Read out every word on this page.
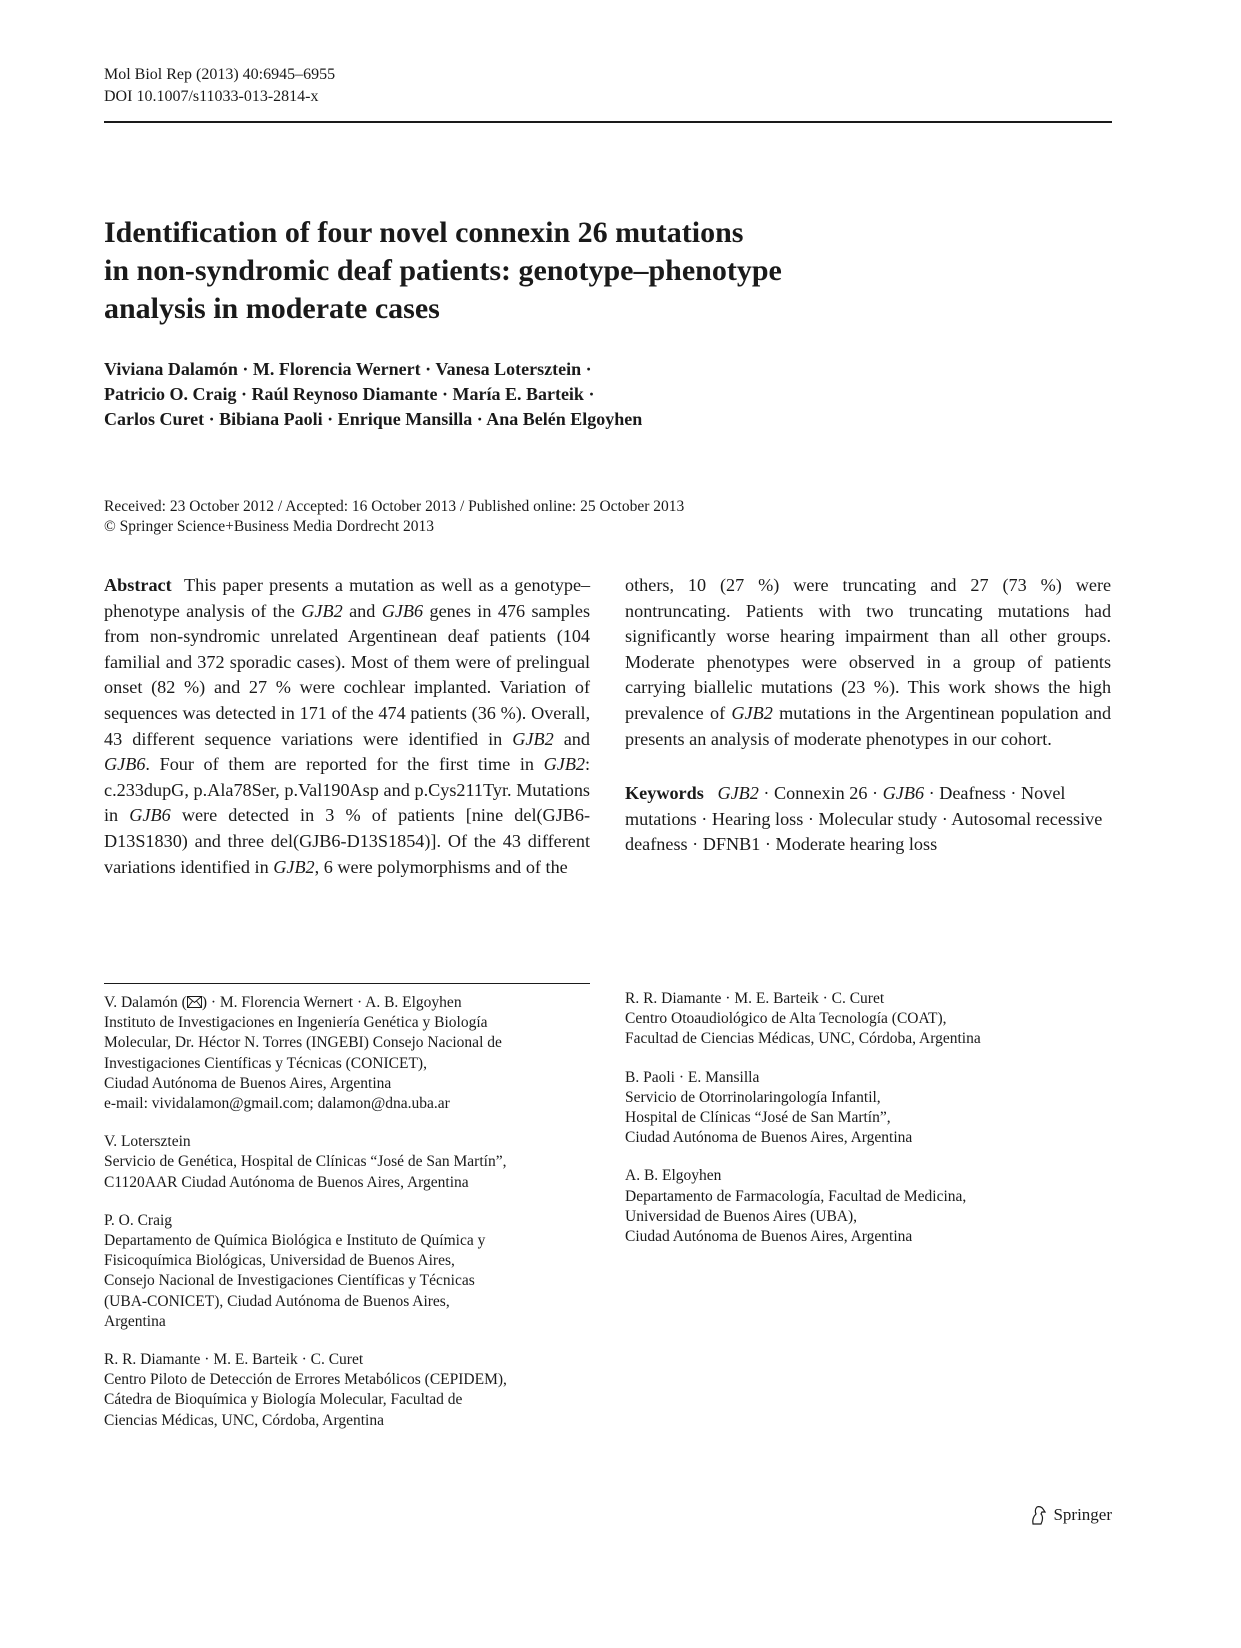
Mol Biol Rep (2013) 40:6945–6955
DOI 10.1007/s11033-013-2814-x
Identification of four novel connexin 26 mutations
in non-syndromic deaf patients: genotype–phenotype
analysis in moderate cases
Viviana Dalamón · M. Florencia Wernert · Vanesa Lotersztein ·
Patricio O. Craig · Raúl Reynoso Diamante · María E. Barteik ·
Carlos Curet · Bibiana Paoli · Enrique Mansilla · Ana Belén Elgoyhen
Received: 23 October 2012 / Accepted: 16 October 2013 / Published online: 25 October 2013
© Springer Science+Business Media Dordrecht 2013
Abstract This paper presents a mutation as well as a genotype–phenotype analysis of the GJB2 and GJB6 genes in 476 samples from non-syndromic unrelated Argentinean deaf patients (104 familial and 372 sporadic cases). Most of them were of prelingual onset (82 %) and 27 % were cochlear implanted. Variation of sequences was detected in 171 of the 474 patients (36 %). Overall, 43 different sequence variations were identified in GJB2 and GJB6. Four of them are reported for the first time in GJB2: c.233dupG, p.Ala78Ser, p.Val190Asp and p.Cys211Tyr. Mutations in GJB6 were detected in 3 % of patients [nine del(GJB6-D13S1830) and three del(GJB6-D13S1854)]. Of the 43 different variations identified in GJB2, 6 were polymorphisms and of the
Keywords GJB2 · Connexin 26 · GJB6 · Deafness · Novel mutations · Hearing loss · Molecular study · Autosomal recessive deafness · DFNB1 · Moderate hearing loss
V. Dalamón ( ) · M. Florencia Wernert · A. B. Elgoyhen
Instituto de Investigaciones en Ingeniería Genética y Biología
Molecular, Dr. Héctor N. Torres (INGEBI) Consejo Nacional de
Investigaciones Científicas y Técnicas (CONICET),
Ciudad Autónoma de Buenos Aires, Argentina
e-mail: vividalamon@gmail.com; dalamon@dna.uba.ar
V. Lotersztein
Servicio de Genética, Hospital de Clínicas “José de San Martín”,
C1120AAR Ciudad Autónoma de Buenos Aires, Argentina
P. O. Craig
Departamento de Química Biológica e Instituto de Química y
Fisicoquímica Biológicas, Universidad de Buenos Aires,
Consejo Nacional de Investigaciones Científicas y Técnicas
(UBA-CONICET), Ciudad Autónoma de Buenos Aires,
Argentina
R. R. Diamante · M. E. Barteik · C. Curet
Centro Piloto de Detección de Errores Metabólicos (CEPIDEM),
Cátedra de Bioquímica y Biología Molecular, Facultad de
Ciencias Médicas, UNC, Córdoba, Argentina
R. R. Diamante · M. E. Barteik · C. Curet
Centro Otoaudiológico de Alta Tecnología (COAT),
Facultad de Ciencias Médicas, UNC, Córdoba, Argentina
B. Paoli · E. Mansilla
Servicio de Otorrinolaringología Infantil,
Hospital de Clínicas “José de San Martín”,
Ciudad Autónoma de Buenos Aires, Argentina
A. B. Elgoyhen
Departamento de Farmacología, Facultad de Medicina,
Universidad de Buenos Aires (UBA),
Ciudad Autónoma de Buenos Aires, Argentina
Springer
others, 10 (27 %) were truncating and 27 (73 %) were nontruncating. Patients with two truncating mutations had significantly worse hearing impairment than all other groups. Moderate phenotypes were observed in a group of patients carrying biallelic mutations (23 %). This work shows the high prevalence of GJB2 mutations in the Argentinean population and presents an analysis of moderate phenotypes in our cohort.
